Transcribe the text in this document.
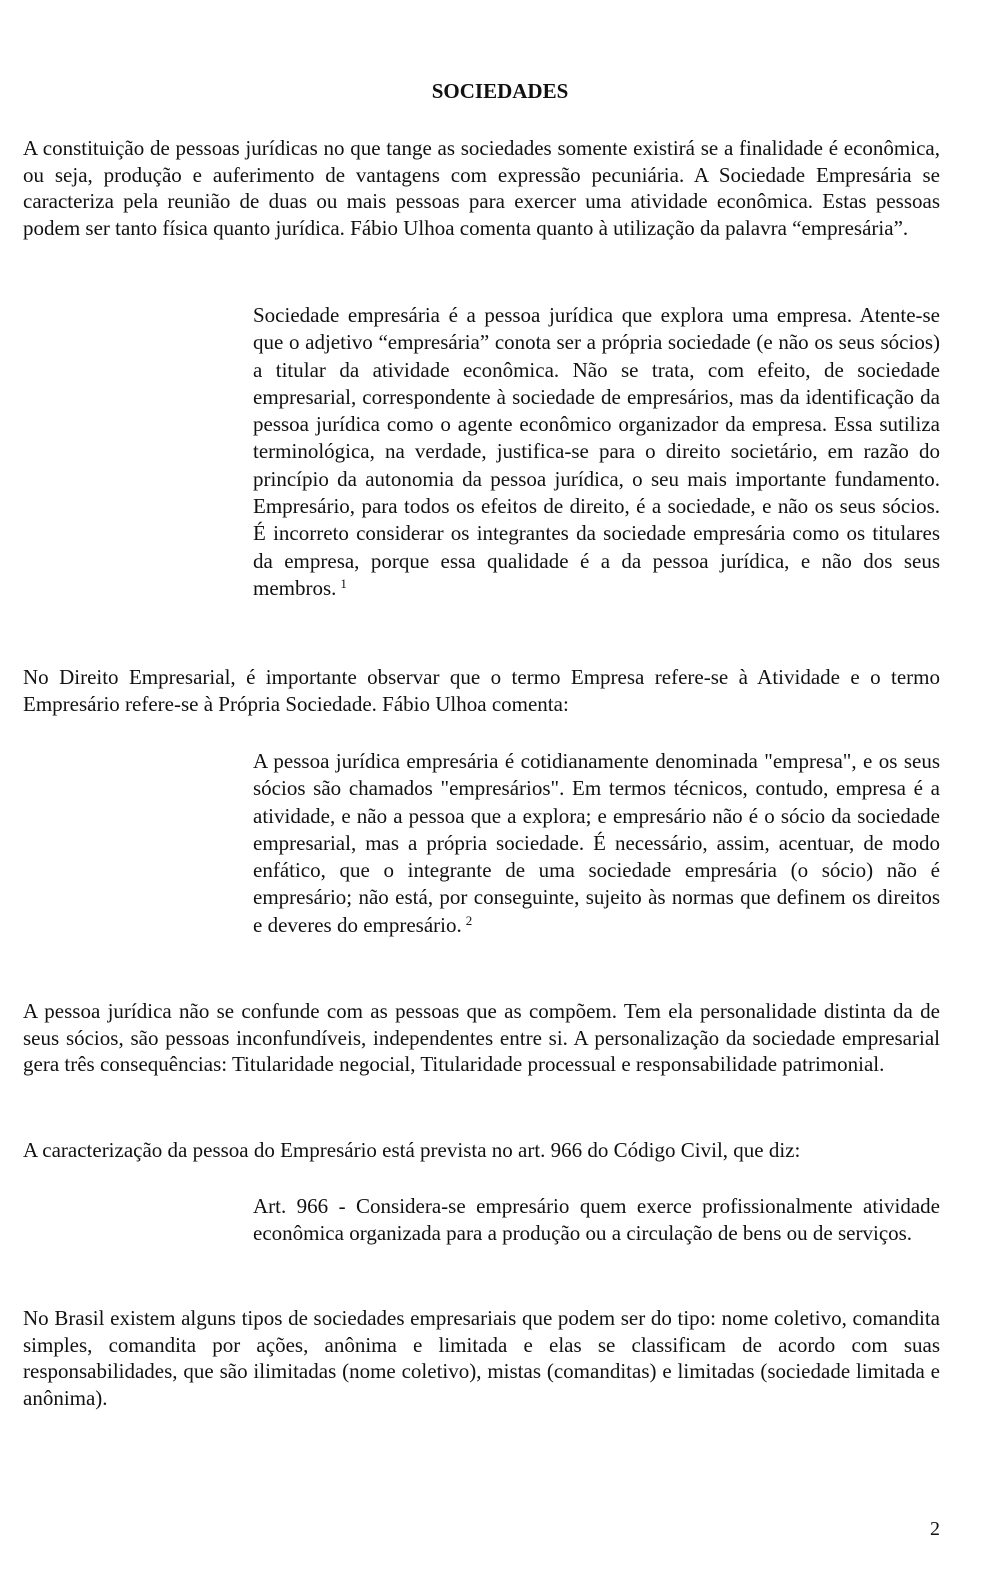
SOCIEDADES

A constituição de pessoas jurídicas no que tange as sociedades somente existirá se a finalidade é econômica, ou seja, produção e auferimento de vantagens com expressão pecuniária. A Sociedade Empresária se caracteriza pela reunião de duas ou mais pessoas para exercer uma atividade econômica. Estas pessoas podem ser tanto física quanto jurídica. Fábio Ulhoa comenta quanto à utilização da palavra “empresária”.

Sociedade empresária é a pessoa jurídica que explora uma empresa. Atente-se que o adjetivo “empresária” conota ser a própria sociedade (e não os seus sócios) a titular da atividade econômica. Não se trata, com efeito, de sociedade empresarial, correspondente à sociedade de empresários, mas da identificação da pessoa jurídica como o agente econômico organizador da empresa. Essa sutiliza terminológica, na verdade, justifica-se para o direito societário, em razão do princípio da autonomia da pessoa jurídica, o seu mais importante fundamento. Empresário, para todos os efeitos de direito, é a sociedade, e não os seus sócios. É incorreto considerar os integrantes da sociedade empresária como os titulares da empresa, porque essa qualidade é a da pessoa jurídica, e não dos seus membros. $^1$

No Direito Empresarial, é importante observar que o termo Empresa refere-se à Atividade e o termo Empresário refere-se à Própria Sociedade. Fábio Ulhoa comenta:

A pessoa jurídica empresária é cotidianamente denominada "empresa", e os seus sócios são chamados "empresários". Em termos técnicos, contudo, empresa é a atividade, e não a pessoa que a explora; e empresário não é o sócio da sociedade empresarial, mas a própria sociedade. É necessário, assim, acentuar, de modo enfático, que o integrante de uma sociedade empresária (o sócio) não é empresário; não está, por conseguinte, sujeito às normas que definem os direitos e deveres do empresário. $^2$

A pessoa jurídica não se confunde com as pessoas que as compõem. Tem ela personalidade distinta da de seus sócios, são pessoas inconfundíveis, independentes entre si. A personalização da sociedade empresarial gera três consequências: Titularidade negocial, Titularidade processual e responsabilidade patrimonial.

A caracterização da pessoa do Empresário está prevista no art. 966 do Código Civil, que diz:

Art. 966 - Considera-se empresário quem exerce profissionalmente atividade econômica organizada para a produção ou a circulação de bens ou de serviços.

No Brasil existem alguns tipos de sociedades empresariais que podem ser do tipo: nome coletivo, comandita simples, comandita por ações, anônima e limitada e elas se classificam de acordo com suas responsabilidades, que são ilimitadas (nome coletivo), mistas (comanditas) e limitadas (sociedade limitada e anônima).

2
